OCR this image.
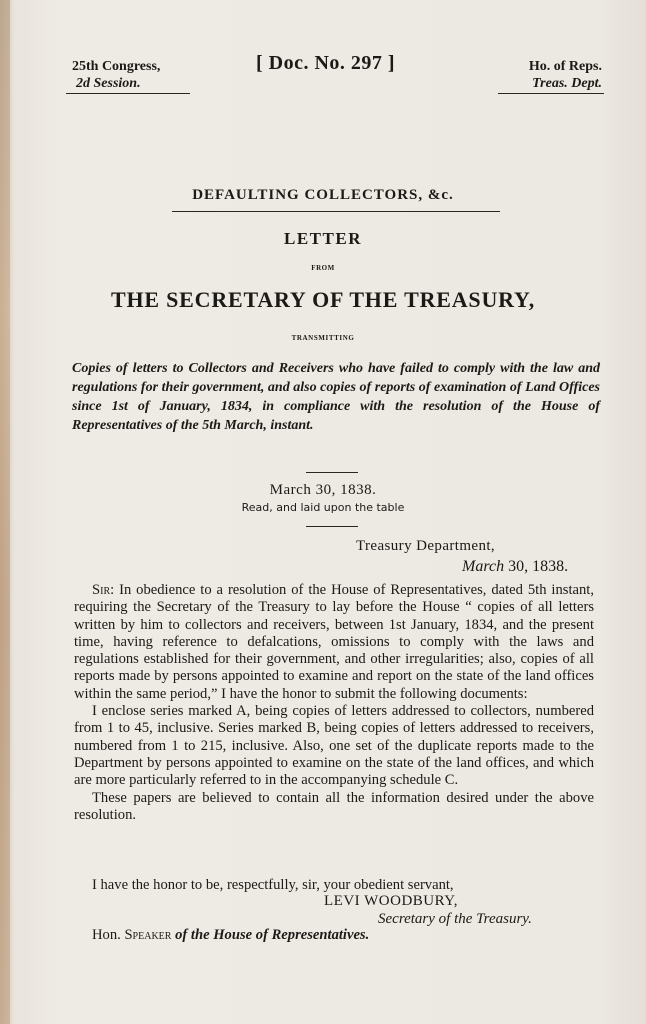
25th Congress,
2d Session.
[ Doc. No. 297 ]	Ho. of Reps.
Treas. Dept.
DEFAULTING COLLECTORS, &c.
LETTER
FROM
THE SECRETARY OF THE TREASURY,
TRANSMITTING
Copies of letters to Collectors and Receivers who have failed to comply with the law and regulations for their government, and also copies of reports of examination of Land Offices since 1st of January, 1834, in compliance with the resolution of the House of Representatives of the 5th March, instant.
March 30, 1838.
Read, and laid upon the table
Treasury Department,
March 30, 1838.

Sir: In obedience to a resolution of the House of Representatives, dated 5th instant, requiring the Secretary of the Treasury to lay before the House “ copies of all letters written by him to collectors and receivers, between 1st January, 1834, and the present time, having reference to defalcations, omissions to comply with the laws and regulations established for their government, and other irregularities; also, copies of all reports made by persons appointed to examine and report on the state of the land offices within the same period,” I have the honor to submit the following documents:

I enclose series marked A, being copies of letters addressed to collectors, numbered from 1 to 45, inclusive. Series marked B, being copies of letters addressed to receivers, numbered from 1 to 215, inclusive. Also, one set of the duplicate reports made to the Department by persons appointed to examine on the state of the land offices, and which are more particularly referred to in the accompanying schedule C.

These papers are believed to contain all the information desired under the above resolution.

I have the honor to be, respectfully, sir, your obedient servant,
LEVI WOODBURY,
Secretary of the Treasury.
Hon. Speaker of the House of Representatives.
